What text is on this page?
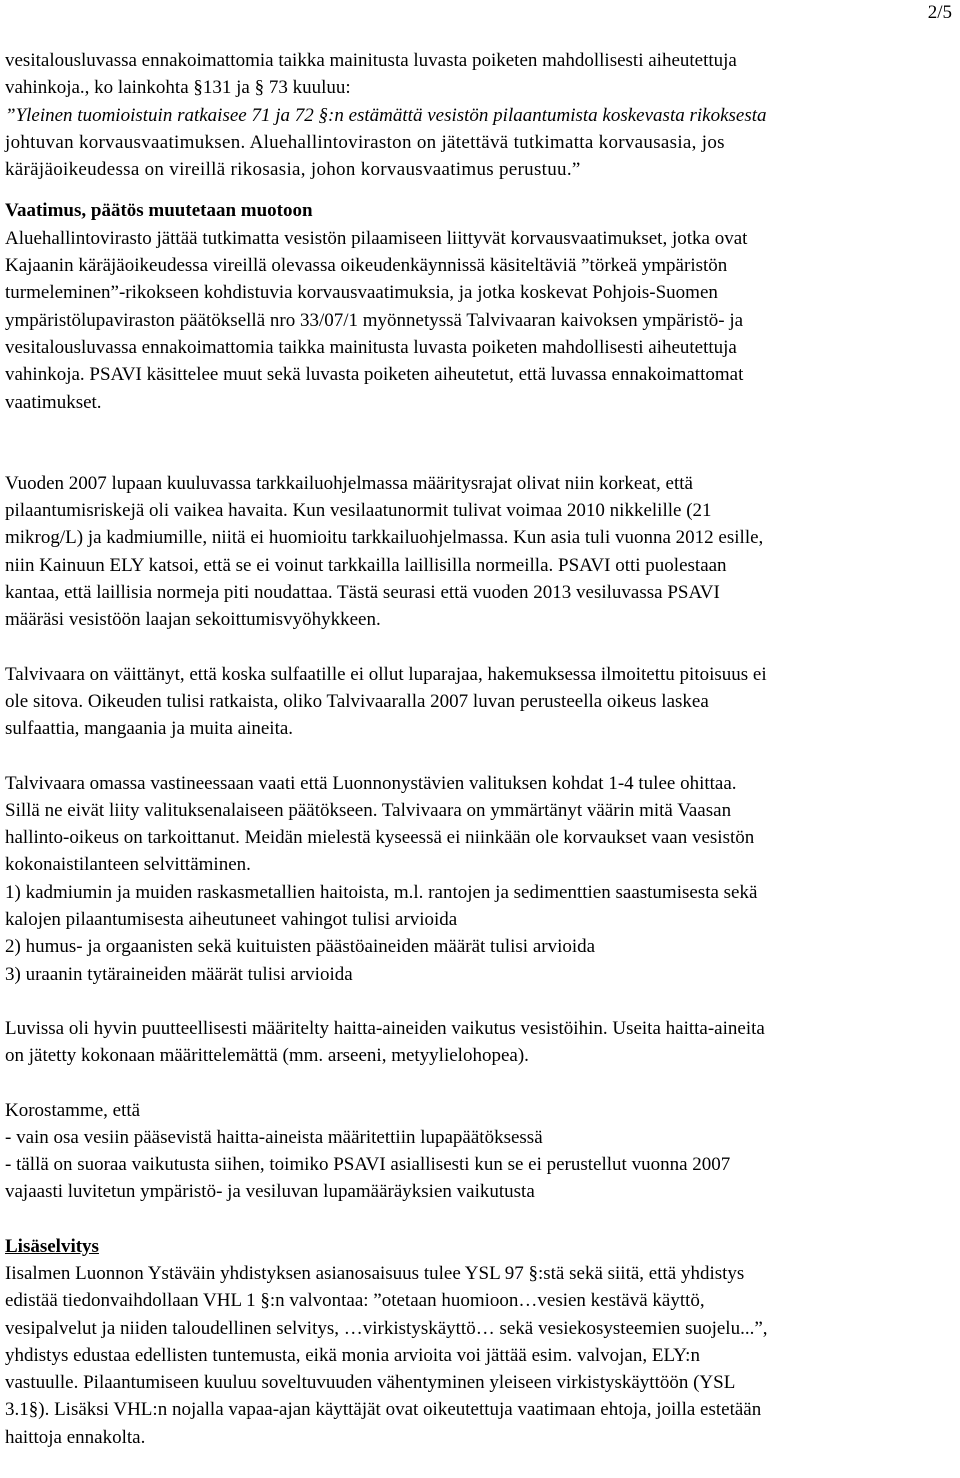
2/5
vesitalousluvassa ennakoimattomia taikka mainitusta luvasta poiketen mahdollisesti aiheutettuja
vahinkoja., ko lainkohta §131 ja § 73 kuuluu:
”Yleinen tuomioistuin ratkaisee 71 ja 72 §:n estämättä vesistön pilaantumista koskevasta rikoksesta
johtuvan korvausvaatimuksen. Aluehallintoviraston on jätettävä tutkimatta korvausasia, jos
käräjäoikeudessa on vireillä rikosasia, johon korvausvaatimus perustuu.”
Vaatimus, päätös muutetaan muotoon
Aluehallintovirasto jättää tutkimatta vesistön pilaamiseen liittyvät korvausvaatimukset, jotka ovat
Kajaanin käräjäoikeudessa vireillä olevassa oikeudenkäynnissä käsiteltäviä ”törkeä ympäristön
turmeleminen”-rikokseen kohdistuvia korvausvaatimuksia, ja jotka koskevat Pohjois-Suomen
ympäristölupaviraston päätöksellä nro 33/07/1 myönnetyssä Talvivaaran kaivoksen ympäristö- ja
vesitalousluvassa ennakoimattomia taikka mainitusta luvasta poiketen mahdollisesti aiheutettuja
vahinkoja. PSAVI käsittelee muut sekä luvasta poiketen aiheutetut, että luvassa ennakoimattomat
vaatimukset.
Vuoden 2007 lupaan kuuluvassa tarkkailuohjelmassa määritysrajat olivat niin korkeat, että
pilaantumisriskejä oli vaikea havaita. Kun vesilaatunormit tulivat voimaa 2010 nikkelille (21
mikrog/L) ja kadmiumille, niitä ei huomioitu tarkkailuohjelmassa. Kun asia tuli vuonna 2012 esille,
niin Kainuun ELY katsoi, että se ei voinut tarkkailla laillisilla normeilla. PSAVI otti puolestaan
kantaa, että laillisia normeja piti noudattaa. Tästä seurasi että vuoden 2013 vesiluvassa PSAVI
määräsi vesistöön laajan sekoittumisvyöhykkeen.
Talvivaara on väittänyt, että koska sulfaatille ei ollut luparajaa, hakemuksessa ilmoitettu pitoisuus ei
ole sitova. Oikeuden tulisi ratkaista, oliko Talvivaaralla 2007 luvan perusteella oikeus laskea
sulfaattia, mangaania ja muita aineita.
Talvivaara omassa vastineessaan vaati että Luonnonystävien valituksen kohdat 1-4 tulee ohittaa.
Sillä ne eivät liity valituksenalaiseen päätökseen. Talvivaara on ymmärtänyt väärin mitä Vaasan
hallinto-oikeus on tarkoittanut. Meidän mielestä kyseessä ei niinkään ole korvaukset vaan vesistön
kokonaistilanteen selvittäminen.
1) kadmiumin ja muiden raskasmetallien haitoista, m.l. rantojen ja sedimenttien saastumisesta sekä
kalojen pilaantumisesta aiheutuneet vahingot tulisi arvioida
2) humus- ja orgaanisten sekä kuituisten päästöaineiden määrät tulisi arvioida
3) uraanin tytäraineiden määrät tulisi arvioida
Luvissa oli hyvin puutteellisesti määritelty haitta-aineiden vaikutus vesistöihin. Useita haitta-aineita
on jätetty kokonaan määrittelemättä (mm. arseeni, metyylielohopea).
Korostamme, että
- vain osa vesiin pääsevistä haitta-aineista määritettiin lupapäätöksessä
- tällä on suoraa vaikutusta siihen, toimiko PSAVI asiallisesti kun se ei perustellut vuonna 2007
vajaasti luvitetun ympäristö- ja vesiluvan lupamääräyksien vaikutusta
Lisäselvitys
Iisalmen Luonnon Ystäväin yhdistyksen asianosaisuus tulee YSL 97 §:stä sekä siitä, että yhdistys
edistää tiedonvaihdollaan VHL 1 §:n valvontaa: ”otetaan huomioon…vesien kestävä käyttö,
vesipalvelut ja niiden taloudellinen selvitys, …virkistyskäyttö… sekä vesiekosysteemien suojelu...”,
yhdistys edustaa edellisten tuntemusta, eikä monia arvioita voi jättää esim. valvojan, ELY:n
vastuulle. Pilaantumiseen kuuluu soveltuvuuden vähentyminen yleiseen virkistyskäyttöön (YSL
3.1§). Lisäksi VHL:n nojalla vapaa-ajan käyttäjät ovat oikeutettuja vaatimaan ehtoja, joilla estetään
haittoja ennakolta.
